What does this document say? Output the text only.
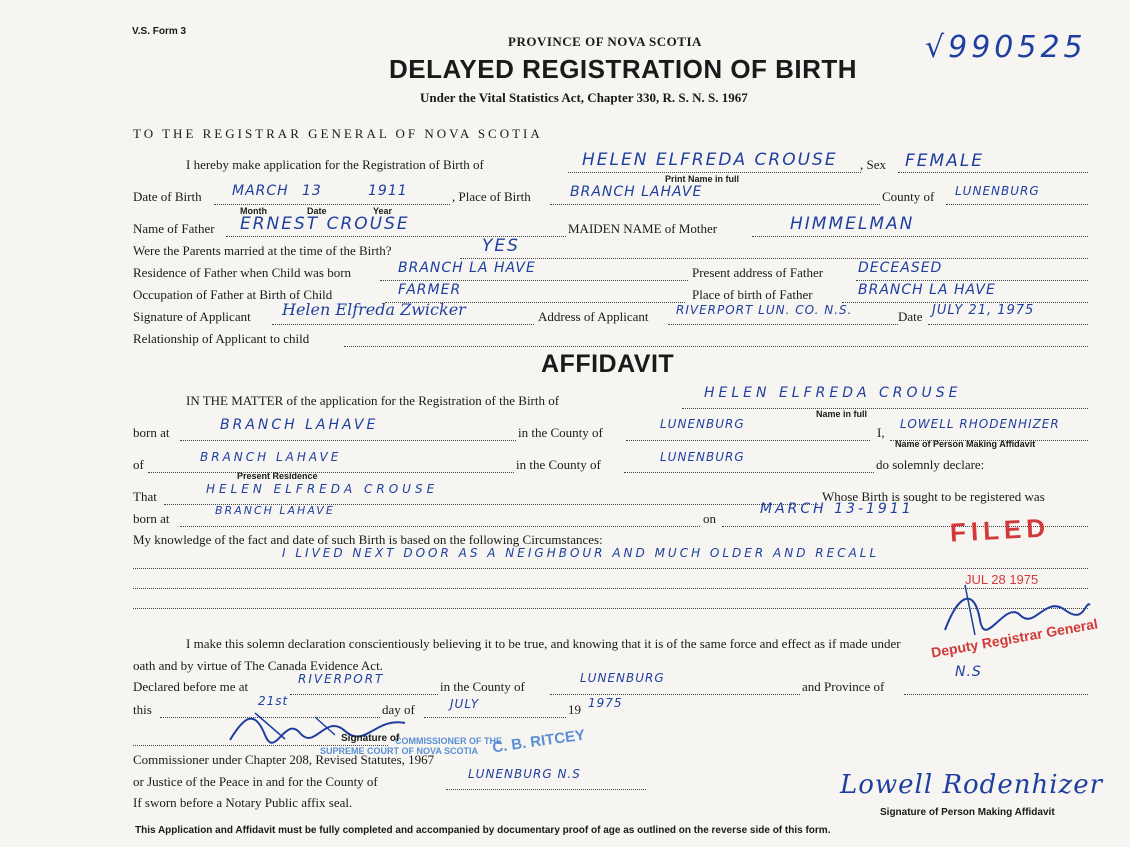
V.S. Form 3
PROVINCE OF NOVA SCOTIA
DELAYED REGISTRATION OF BIRTH
Under the Vital Statistics Act, Chapter 330, R. S. N. S. 1967
√990525
TO THE REGISTRAR GENERAL OF NOVA SCOTIA
I hereby make application for the Registration of Birth of	HELEN ELFREDA CROUSE
Print Name in full
, Sex FEMALE
Date of Birth MARCH 13	1911
Month	Date	Year
, Place of Birth	BRANCH LAHAVE	County of LUNENBURG
Name of Father ERNEST CROUSE	MAIDEN NAME of Mother	HIMMELMAN
Were the Parents married at the time of the Birth?	YES
Residence of Father when Child was born	BRANCH LA HAVE	Present address of Father DECEASED
Occupation of Father at Birth of Child	FARMER	Place of birth of Father	BRANCH LA HAVE
Signature of Applicant Helen Elfreda Zwicker	Address of Applicant RIVERPORT LUN. CO. N.S.	Date JULY 21, 1975
Relationship of Applicant to child
AFFIDAVIT
IN THE MATTER of the application for the Registration of the Birth of	HELEN ELFREDA CROUSE
Name in full
born at	BRANCH LAHAVE	in the County of
LUNENBURG
I,
LOWELL RHODENHIZER
Name of Person Making Affidavit
of	BRANCH LAHAVE
Present Residence
in the County of	LUNENBURG	do solemnly declare:
That	HELEN ELFREDA CROUSE	Whose Birth is sought to be registered was
born at
BRANCH LAHAVE
on
MARCH 13-1911
My knowledge of the fact and date of such Birth is based on the following Circumstances:
I LIVED NEXT DOOR AS A NEIGHBOUR AND MUCH OLDER AND RECALL
I make this solemn declaration conscientiously believing it to be true, and knowing that it is of the same force and effect as if made under
oath and by virtue of The Canada Evidence Act.
Declared before me at	RIVERPORT	in the County of
LUNENBURG
and Province of
N.S
this
21st
day of	JULY	19 1975
COMMISSIONER OF THE
SUPREME COURT OF NOVA SCOTIA C. B. RITCEY
Signature of
Commissioner under Chapter 208, Revised Statutes, 1967
or Justice of the Peace in and for the County of	LUNENBURG N.S
If sworn before a Notary Public affix seal.
Lowell Rodenhizer
Signature of Person Making Affidavit
FILED
JUL 28 1975
Deputy Registrar General
This Application and Affidavit must be fully completed and accompanied by documentary proof of age as outlined on the reverse side of this form.
